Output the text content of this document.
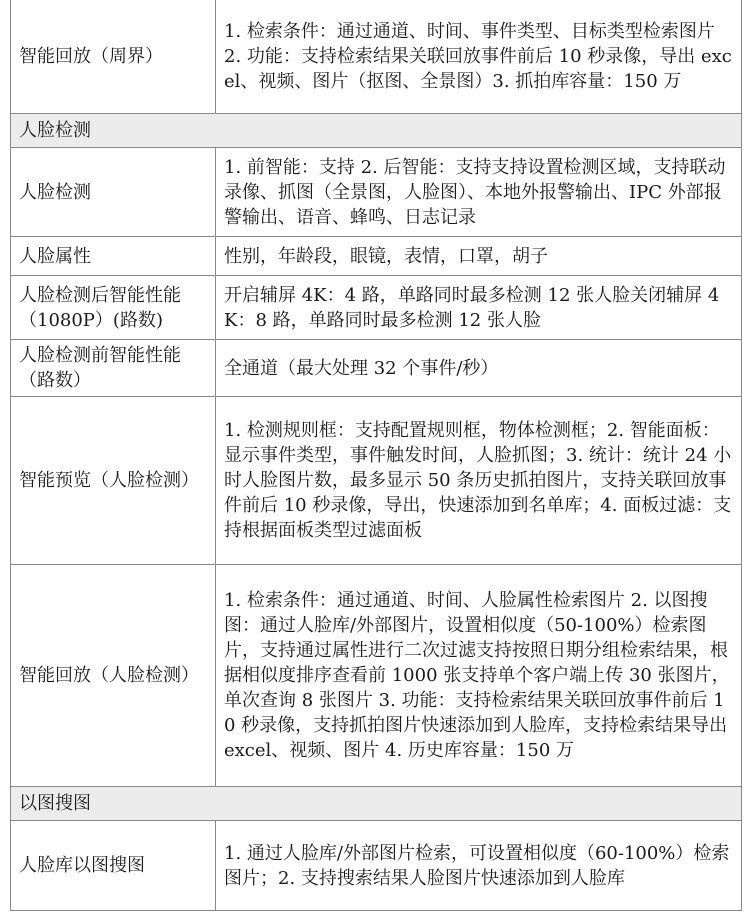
智能回放（周界）	1. 检索条件：通过通道、时间、事件类型、目标类型检索图片 2. 功能：支持检索结果关联回放事件前后 10 秒录像，导出 excel、视频、图片（抠图、全景图）3. 抓拍库容量：150 万
人脸检测	
人脸检测	1. 前智能：支持 2. 后智能：支持支持设置检测区域，支持联动录像、抓图（全景图，人脸图）、本地外报警输出、IPC 外部报警输出、语音、蜂鸣、日志记录
人脸属性	性别，年龄段，眼镜，表情，口罩，胡子
人脸检测后智能性能（1080P）(路数)	开启辅屏 4K：4 路，单路同时最多检测 12 张人脸关闭辅屏 4K：8 路，单路同时最多检测 12 张人脸
人脸检测前智能性能（路数）	全通道（最大处理 32 个事件/秒）
智能预览（人脸检测）	1. 检测规则框：支持配置规则框，物体检测框；2. 智能面板：显示事件类型，事件触发时间，人脸抓图；3. 统计：统计 24 小时人脸图片数，最多显示 50 条历史抓拍图片，支持关联回放事件前后 10 秒录像，导出，快速添加到名单库；4. 面板过滤：支持根据面板类型过滤面板
智能回放（人脸检测）	1. 检索条件：通过通道、时间、人脸属性检索图片 2. 以图搜图：通过人脸库/外部图片，设置相似度（50-100%）检索图片，支持通过属性进行二次过滤支持按照日期分组检索结果，根据相似度排序查看前 1000 张支持单个客户端上传 30 张图片，单次查询 8 张图片 3. 功能：支持检索结果关联回放事件前后 10 秒录像，支持抓拍图片快速添加到人脸库，支持检索结果导出 excel、视频、图片 4. 历史库容量：150 万
以图搜图	
人脸库以图搜图	1. 通过人脸库/外部图片检索，可设置相似度（60-100%）检索图片；2. 支持搜索结果人脸图片快速添加到人脸库
